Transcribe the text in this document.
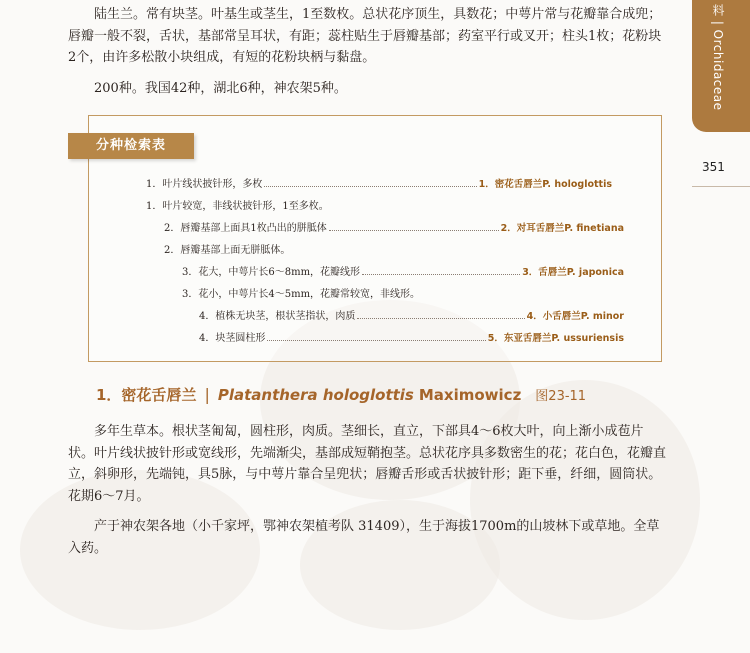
陆生兰。常有块茎。叶基生或茎生，1至数枚。总状花序顶生，具数花；中萼片常与花瓣靠合成兜；唇瓣一般不裂，舌状，基部常呈耳状，有距；蕊柱贴生于唇瓣基部；药室平行或叉开；柱头1枚；花粉块2个，由许多松散小块组成，有短的花粉块柄与黏盘。

200种。我国42种，湖北6种，神农架5种。	料 | Orchidaceae
351
分种检索表
1．叶片线状披针形，多枚	1．密花舌唇兰P. hologlottis
1．叶片较宽，非线状披针形，1至多枚。
2．唇瓣基部上面具1枚凸出的胼胝体	2．对耳舌唇兰P. finetiana
2．唇瓣基部上面无胼胝体。
3．花大，中萼片长6～8mm，花瓣线形	3．舌唇兰P. japonica
3．花小，中萼片长4～5mm，花瓣常较宽，非线形。
4．植株无块茎，根状茎指状，肉质	4．小舌唇兰P. minor
4．块茎圆柱形	5．东亚舌唇兰P. ussuriensis
1．密花舌唇兰 | Platanthera hologlottis Maximowicz 图23-11

多年生草本。根状茎匍匐，圆柱形，肉质。茎细长，直立，下部具4～6枚大叶，向上渐小成苞片状。叶片线状披针形或宽线形，先端渐尖，基部成短鞘抱茎。总状花序具多数密生的花；花白色，花瓣直立，斜卵形，先端钝，具5脉，与中萼片靠合呈兜状；唇瓣舌形或舌状披针形；距下垂，纤细，圆筒状。花期6～7月。

产于神农架各地（小千家坪，鄂神农架植考队 31409），生于海拔1700m的山坡林下或草地。全草入药。
